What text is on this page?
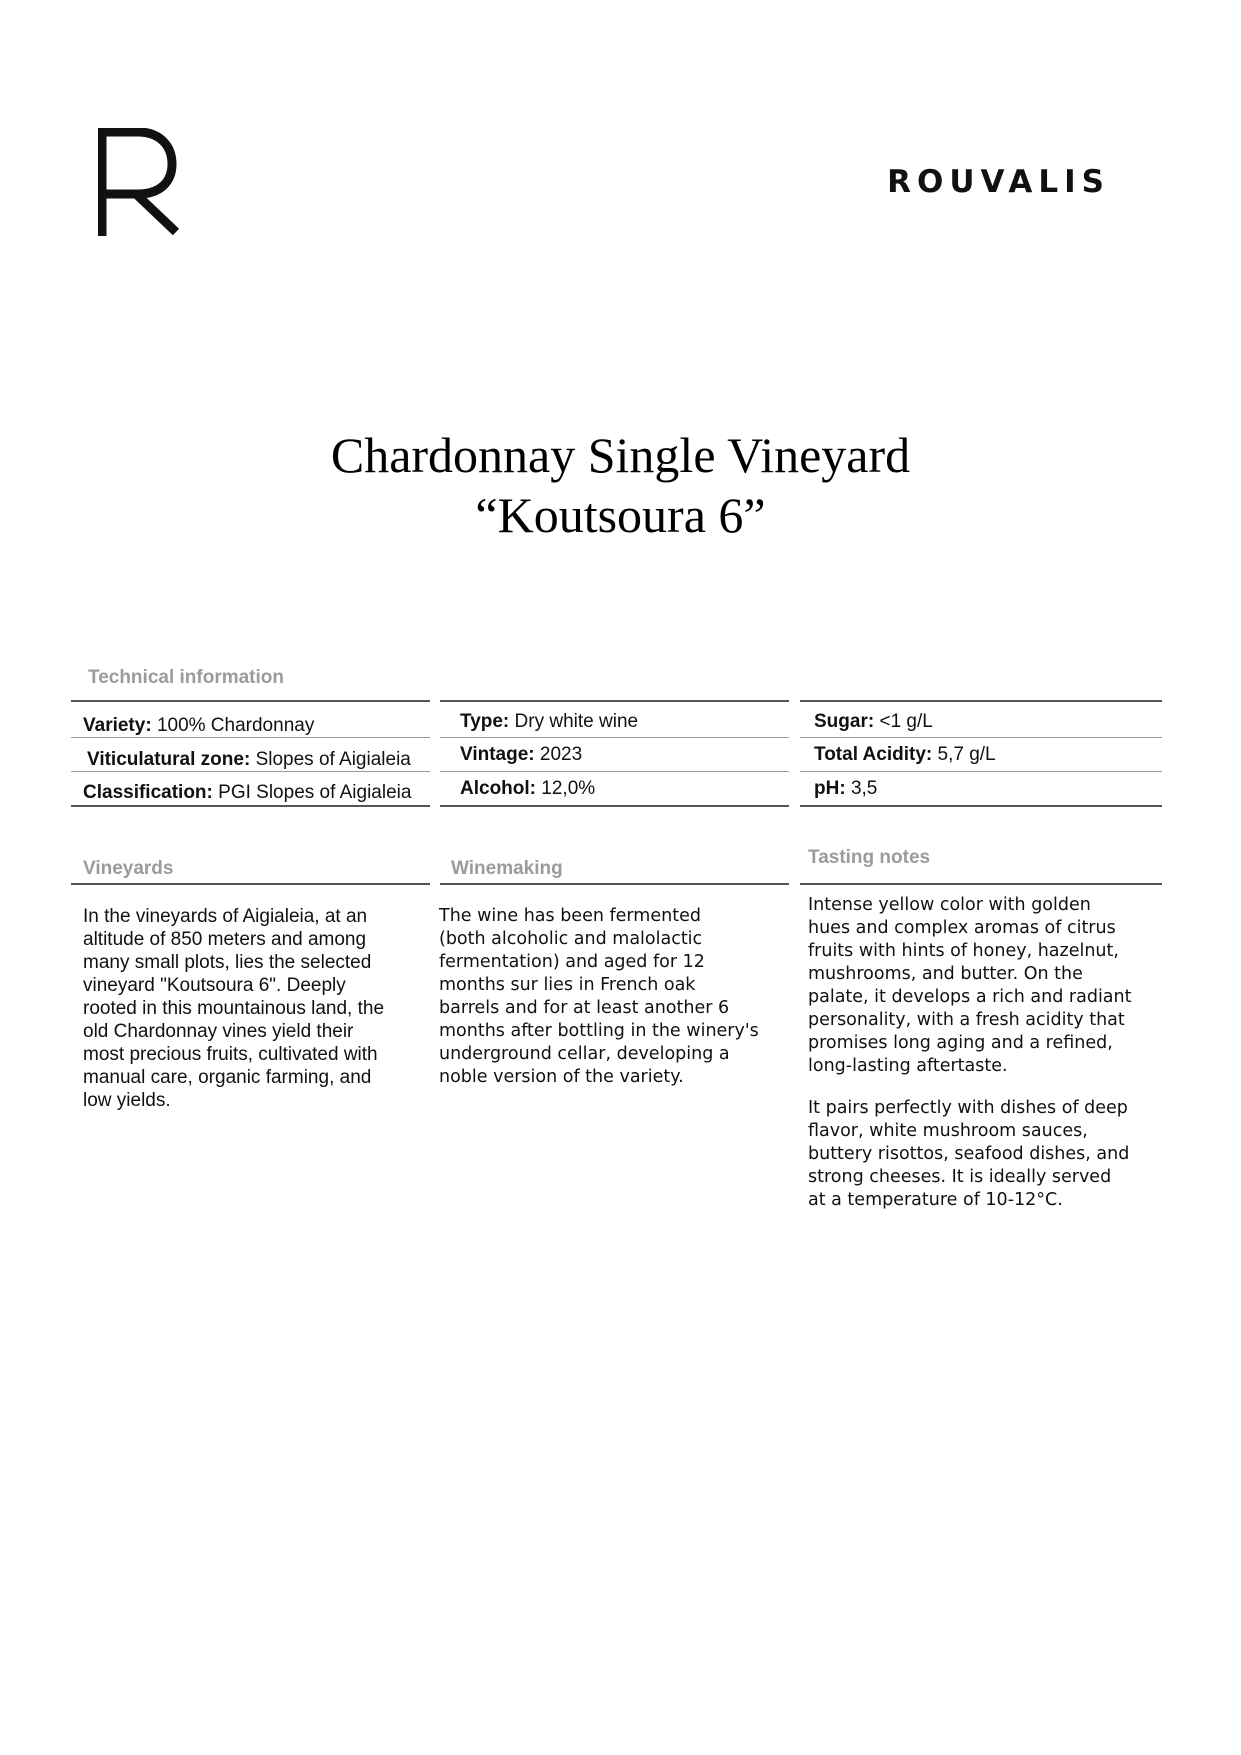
ROUVALIS
Chardonnay Single Vineyard
“Koutsoura 6”
Technical information
Variety: 100% Chardonnay
Viticulatural zone: Slopes of Aigialeia
Classification: PGI Slopes of Aigialeia
Type: Dry white wine
Vintage: 2023
Alcohol: 12,0%
Sugar: <1 g/L
Total Acidity: 5,7 g/L
pH: 3,5
Vineyards
In the vineyards of Aigialeia, at an
altitude of 850 meters and among
many small plots, lies the selected
vineyard "Koutsoura 6". Deeply
rooted in this mountainous land, the
old Chardonnay vines yield their
most precious fruits, cultivated with
manual care, organic farming, and
low yields.
Winemaking
The wine has been fermented
(both alcoholic and malolactic
fermentation) and aged for 12
months sur lies in French oak
barrels and for at least another 6
months after bottling in the winery's
underground cellar, developing a
noble version of the variety.
Tasting notes
Intense yellow color with golden
hues and complex aromas of citrus
fruits with hints of honey, hazelnut,
mushrooms, and butter. On the
palate, it develops a rich and radiant
personality, with a fresh acidity that
promises long aging and a refined,
long-lasting aftertaste.
It pairs perfectly with dishes of deep
flavor, white mushroom sauces,
buttery risottos, seafood dishes, and
strong cheeses. It is ideally served
at a temperature of 10-12°C.
